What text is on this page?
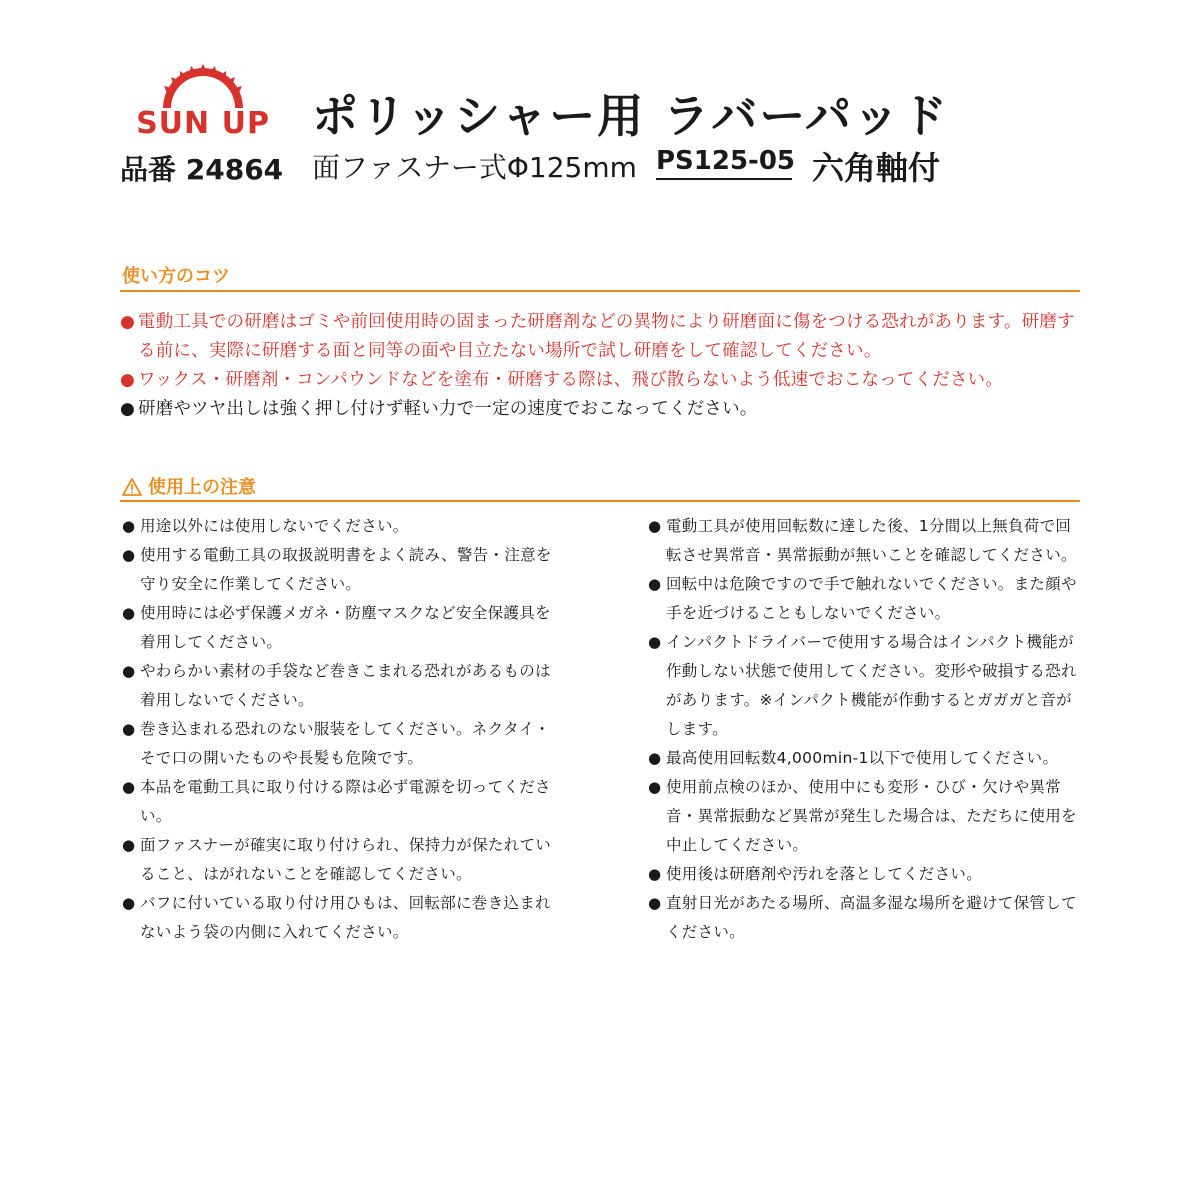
SUN UP
品番 24864
ポリッシャー用 ラバーパッド
面ファスナー式Φ125mm PS125-05 六角軸付
使い方のコツ
● 電動工具での研磨はゴミや前回使用時の固まった研磨剤などの異物により研磨面に傷をつける恐れがあります。研磨する前に、実際に研磨する面と同等の面や目立たない場所で試し研磨をして確認してください。
● ワックス・研磨剤・コンパウンドなどを塗布・研磨する際は、飛び散らないよう低速でおこなってください。
● 研磨やツヤ出しは強く押し付けず軽い力で一定の速度でおこなってください。
使用上の注意
● 用途以外には使用しないでください。
● 使用する電動工具の取扱説明書をよく読み、警告・注意を守り安全に作業してください。
● 使用時には必ず保護メガネ・防塵マスクなど安全保護具を着用してください。
● やわらかい素材の手袋など巻きこまれる恐れがあるものは着用しないでください。
● 巻き込まれる恐れのない服装をしてください。ネクタイ・そで口の開いたものや長髪も危険です。
● 本品を電動工具に取り付ける際は必ず電源を切ってください。
● 面ファスナーが確実に取り付けられ、保持力が保たれていること、はがれないことを確認してください。
● バフに付いている取り付け用ひもは、回転部に巻き込まれないよう袋の内側に入れてください。
● 電動工具が使用回転数に達した後、1分間以上無負荷で回転させ異常音・異常振動が無いことを確認してください。
● 回転中は危険ですので手で触れないでください。また顔や手を近づけることもしないでください。
● インパクトドライバーで使用する場合はインパクト機能が作動しない状態で使用してください。変形や破損する恐れがあります。※インパクト機能が作動するとガガガと音がします。
● 最高使用回転数4,000min-1以下で使用してください。
● 使用前点検のほか、使用中にも変形・ひび・欠けや異常音・異常振動など異常が発生した場合は、ただちに使用を中止してください。
● 使用後は研磨剤や汚れを落としてください。
● 直射日光があたる場所、高温多湿な場所を避けて保管してください。
